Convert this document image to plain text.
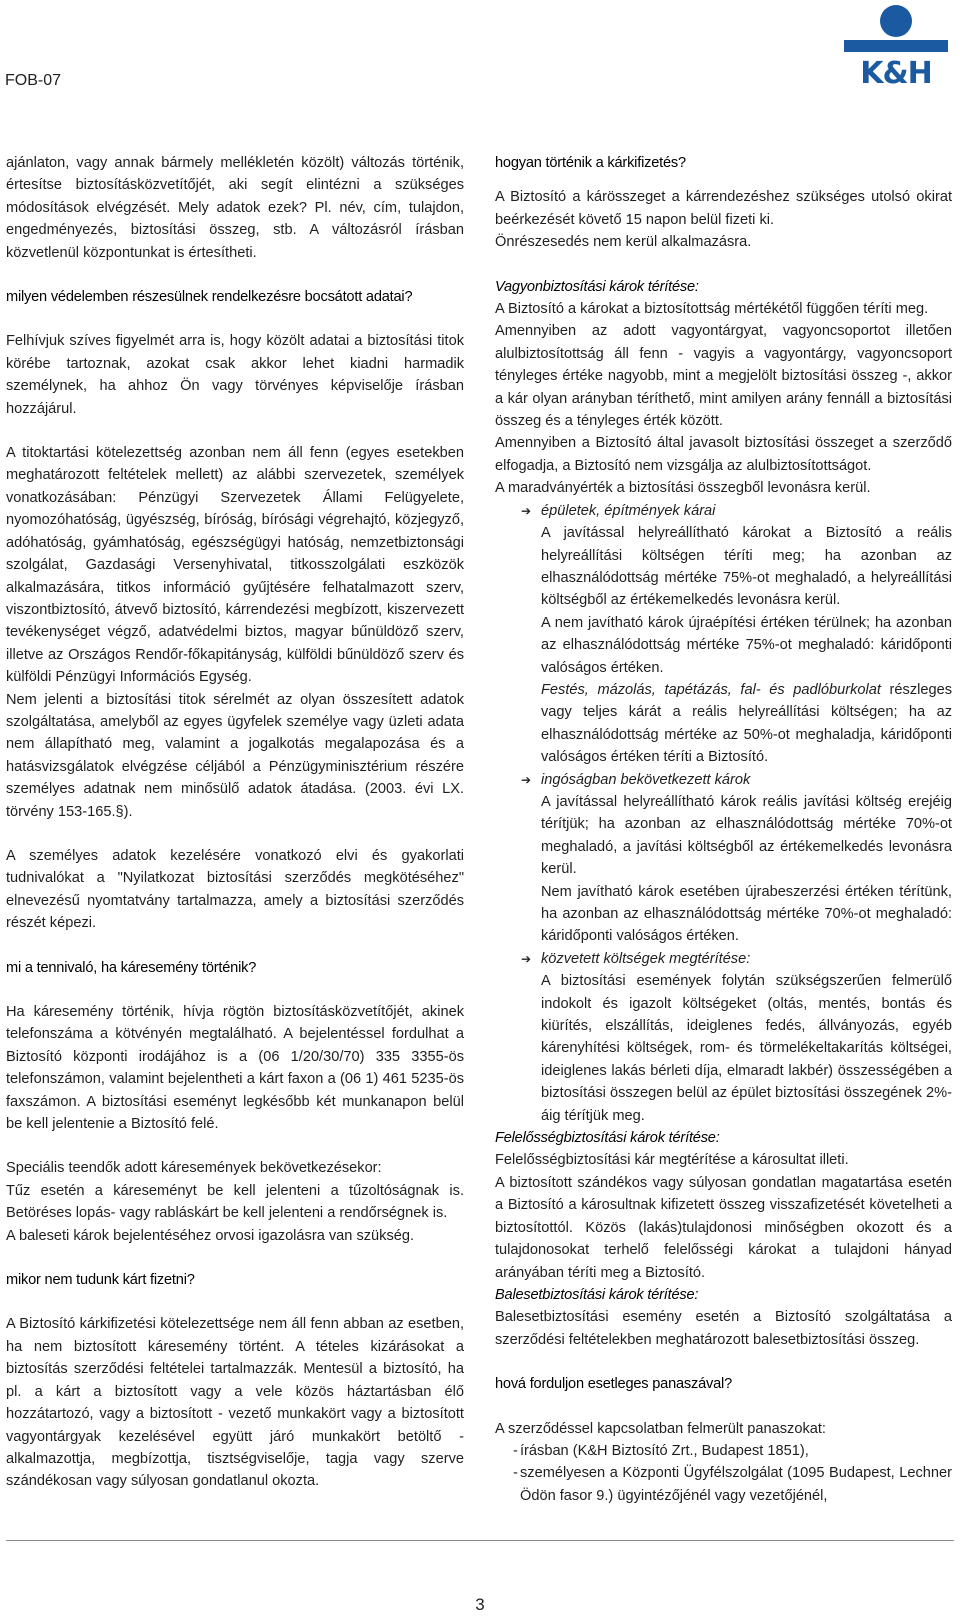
FOB-07	K&H

ajánlaton, vagy annak bármely mellékletén közölt) változás történik, értesítse biztosításközvetítőjét, aki segít elintézni a szükséges módosítások elvégzését. Mely adatok ezek? Pl. név, cím, tulajdon, engedményezés, biztosítási összeg, stb. A változásról írásban közvetlenül központunkat is értesítheti.

milyen védelemben részesülnek rendelkezésre bocsátott adatai?

Felhívjuk szíves figyelmét arra is, hogy közölt adatai a biztosítási titok körébe tartoznak, azokat csak akkor lehet kiadni harmadik személynek, ha ahhoz Ön vagy törvényes képviselője írásban hozzájárul.

A titoktartási kötelezettség azonban nem áll fenn (egyes esetekben meghatározott feltételek mellett) az alábbi szervezetek, személyek vonatkozásában: Pénzügyi Szervezetek Állami Felügyelete, nyomozóhatóság, ügyészség, bíróság, bírósági végrehajtó, közjegyző, adóhatóság, gyámhatóság, egészségügyi hatóság, nemzetbiztonsági szolgálat, Gazdasági Versenyhivatal, titkosszolgálati eszközök alkalmazására, titkos információ gyűjtésére felhatalmazott szerv, viszontbiztosító, átvevő biztosító, kárrendezési megbízott, kiszervezett tevékenységet végző, adatvédelmi biztos, magyar bűnüldöző szerv, illetve az Országos Rendőr-főkapitányság, külföldi bűnüldöző szerv és külföldi Pénzügyi Információs Egység.

Nem jelenti a biztosítási titok sérelmét az olyan összesített adatok szolgáltatása, amelyből az egyes ügyfelek személye vagy üzleti adata nem állapítható meg, valamint a jogalkotás megalapozása és a hatásvizsgálatok elvégzése céljából a Pénzügyminisztérium részére személyes adatnak nem minősülő adatok átadása. (2003. évi LX. törvény 153-165.§).

A személyes adatok kezelésére vonatkozó elvi és gyakorlati tudnivalókat a "Nyilatkozat biztosítási szerződés megkötéséhez" elnevezésű nyomtatvány tartalmazza, amely a biztosítási szerződés részét képezi.

mi a tennivaló, ha káresemény történik?

Ha káresemény történik, hívja rögtön biztosításközvetítőjét, akinek telefonszáma a kötvényén megtalálható. A bejelentéssel fordulhat a Biztosító központi irodájához is a (06 1/20/30/70) 335 3355-ös telefonszámon, valamint bejelentheti a kárt faxon a (06 1) 461 5235-ös faxszámon. A biztosítási eseményt legkésőbb két munkanapon belül be kell jelentenie a Biztosító felé.

Speciális teendők adott káresemények bekövetkezésekor:

Tűz esetén a káreseményt be kell jelenteni a tűzoltóságnak is. Betöréses lopás- vagy rabláskárt be kell jelenteni a rendőrségnek is.

A baleseti károk bejelentéséhez orvosi igazolásra van szükség.

mikor nem tudunk kárt fizetni?

A Biztosító kárkifizetési kötelezettsége nem áll fenn abban az esetben, ha nem biztosított káresemény történt. A tételes kizárásokat a biztosítás szerződési feltételei tartalmazzák. Mentesül a biztosító, ha pl. a kárt a biztosított vagy a vele közös háztartásban élő hozzátartozó, vagy a biztosított - vezető munkakört vagy a biztosított vagyontárgyak kezelésével együtt járó munkakört betöltő - alkalmazottja, megbízottja, tisztségviselője, tagja vagy szerve szándékosan vagy súlyosan gondatlanul okozta.

hogyan történik a kárkifizetés?

A Biztosító a kárösszeget a kárrendezéshez szükséges utolsó okirat beérkezését követő 15 napon belül fizeti ki.

Önrészesedés nem kerül alkalmazásra.

Vagyonbiztosítási károk térítése:

A Biztosító a károkat a biztosítottság mértékétől függően téríti meg.

Amennyiben az adott vagyontárgyat, vagyoncsoportot illetően alulbiztosítottság áll fenn - vagyis a vagyontárgy, vagyoncsoport tényleges értéke nagyobb, mint a megjelölt biztosítási összeg -, akkor a kár olyan arányban téríthető, mint amilyen arány fennáll a biztosítási összeg és a tényleges érték között.

Amennyiben a Biztosító által javasolt biztosítási összeget a szerződő elfogadja, a Biztosító nem vizsgálja az alulbiztosítottságot.

A maradványérték a biztosítási összegből levonásra kerül.

➔ épületek, építmények kárai

A javítással helyreállítható károkat a Biztosító a reális helyreállítási költségen téríti meg; ha azonban az elhasználódottság mértéke 75%-ot meghaladó, a helyreállítási költségből az értékemelkedés levonásra kerül.

A nem javítható károk újraépítési értéken térülnek; ha azonban az elhasználódottság mértéke 75%-ot meghaladó: káridőponti valóságos értéken.

Festés, mázolás, tapétázás, fal- és padlóburkolat részleges vagy teljes kárát a reális helyreállítási költségen; ha az elhasználódottság mértéke az 50%-ot meghaladja, káridőponti valóságos értéken téríti a Biztosító.

➔ ingóságban bekövetkezett károk

A javítással helyreállítható károk reális javítási költség erejéig térítjük; ha azonban az elhasználódottság mértéke 70%-ot meghaladó, a javítási költségből az értékemelkedés levonásra kerül.

Nem javítható károk esetében újrabeszerzési értéken térítünk, ha azonban az elhasználódottság mértéke 70%-ot meghaladó: káridőponti valóságos értéken.

➔ közvetett költségek megtérítése:

A biztosítási események folytán szükségszerűen felmerülő indokolt és igazolt költségeket (oltás, mentés, bontás és kiürítés, elszállítás, ideiglenes fedés, állványozás, egyéb kárenyhítési költségek, rom- és törmelékeltakarítás költségei, ideiglenes lakás bérleti díja, elmaradt lakbér) összességében a biztosítási összegen belül az épület biztosítási összegének 2%-áig térítjük meg.

Felelősségbiztosítási károk térítése:

Felelősségbiztosítási kár megtérítése a károsultat illeti.

A biztosított szándékos vagy súlyosan gondatlan magatartása esetén a Biztosító a károsultnak kifizetett összeg visszafizetését követelheti a biztosítottól. Közös (lakás)tulajdonosi minőségben okozott és a tulajdonosokat terhelő felelősségi károkat a tulajdoni hányad arányában téríti meg a Biztosító.

Balesetbiztosítási károk térítése:

Balesetbiztosítási esemény esetén a Biztosító szolgáltatása a szerződési feltételekben meghatározott balesetbiztosítási összeg.

hová forduljon esetleges panaszával?

A szerződéssel kapcsolatban felmerült panaszokat:

- írásban (K&H Biztosító Zrt., Budapest 1851),

- személyesen a Központi Ügyfélszolgálat (1095 Budapest, Lechner Ödön fasor 9.) ügyintézőjénél vagy vezetőjénél,

3
